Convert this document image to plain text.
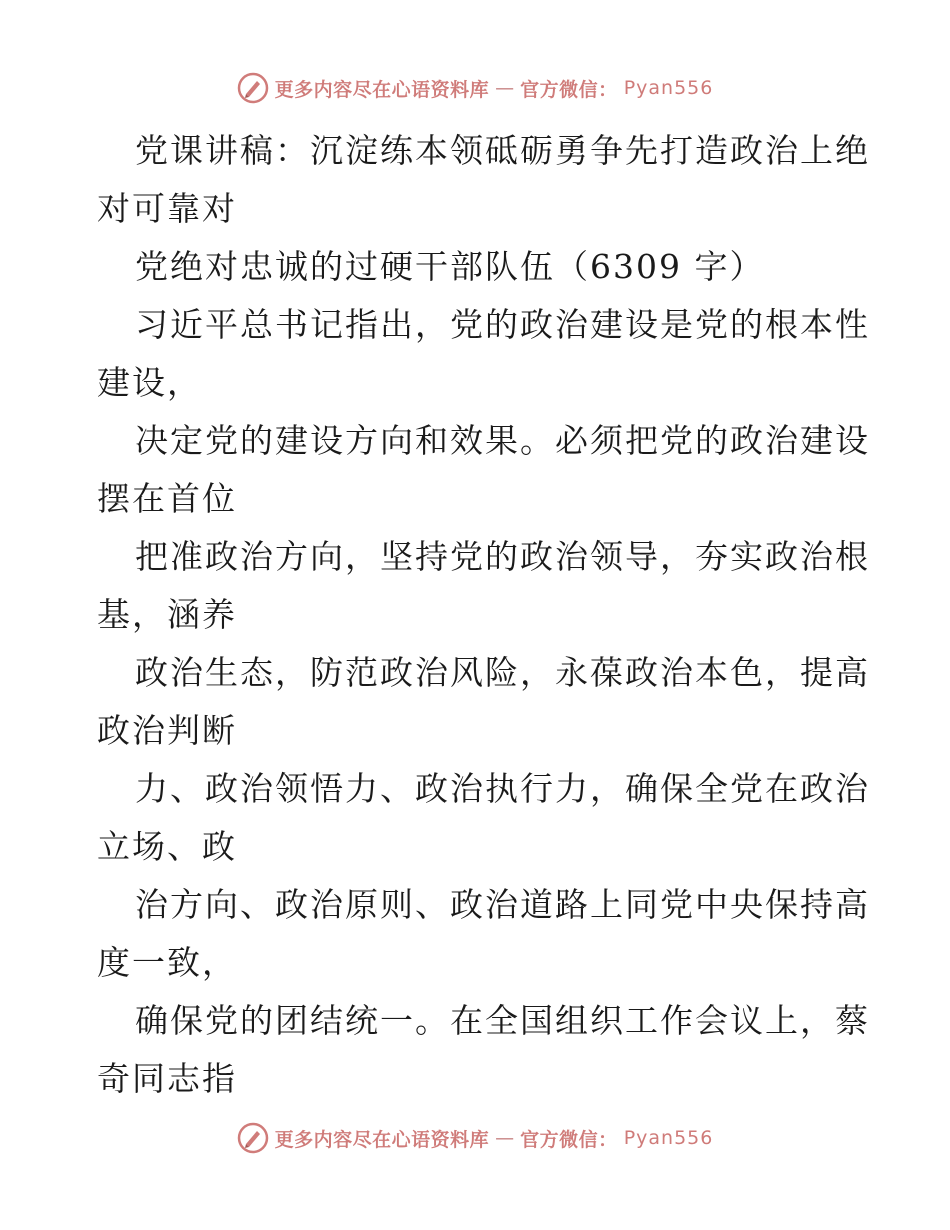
更多内容尽在心语资料库 — 官方微信： Pyan556
党课讲稿：沉淀练本领砥砺勇争先打造政治上绝
对可靠对
党绝对忠诚的过硬干部队伍（6309 字）
习近平总书记指出，党的政治建设是党的根本性
建设，
决定党的建设方向和效果。必须把党的政治建设
摆在首位
把准政治方向，坚持党的政治领导，夯实政治根
基，涵养
政治生态，防范政治风险，永葆政治本色，提高
政治判断
力、政治领悟力、政治执行力，确保全党在政治
立场、政
治方向、政治原则、政治道路上同党中央保持高
度一致，
确保党的团结统一。在全国组织工作会议上，蔡
奇同志指
更多内容尽在心语资料库 — 官方微信： Pyan556
